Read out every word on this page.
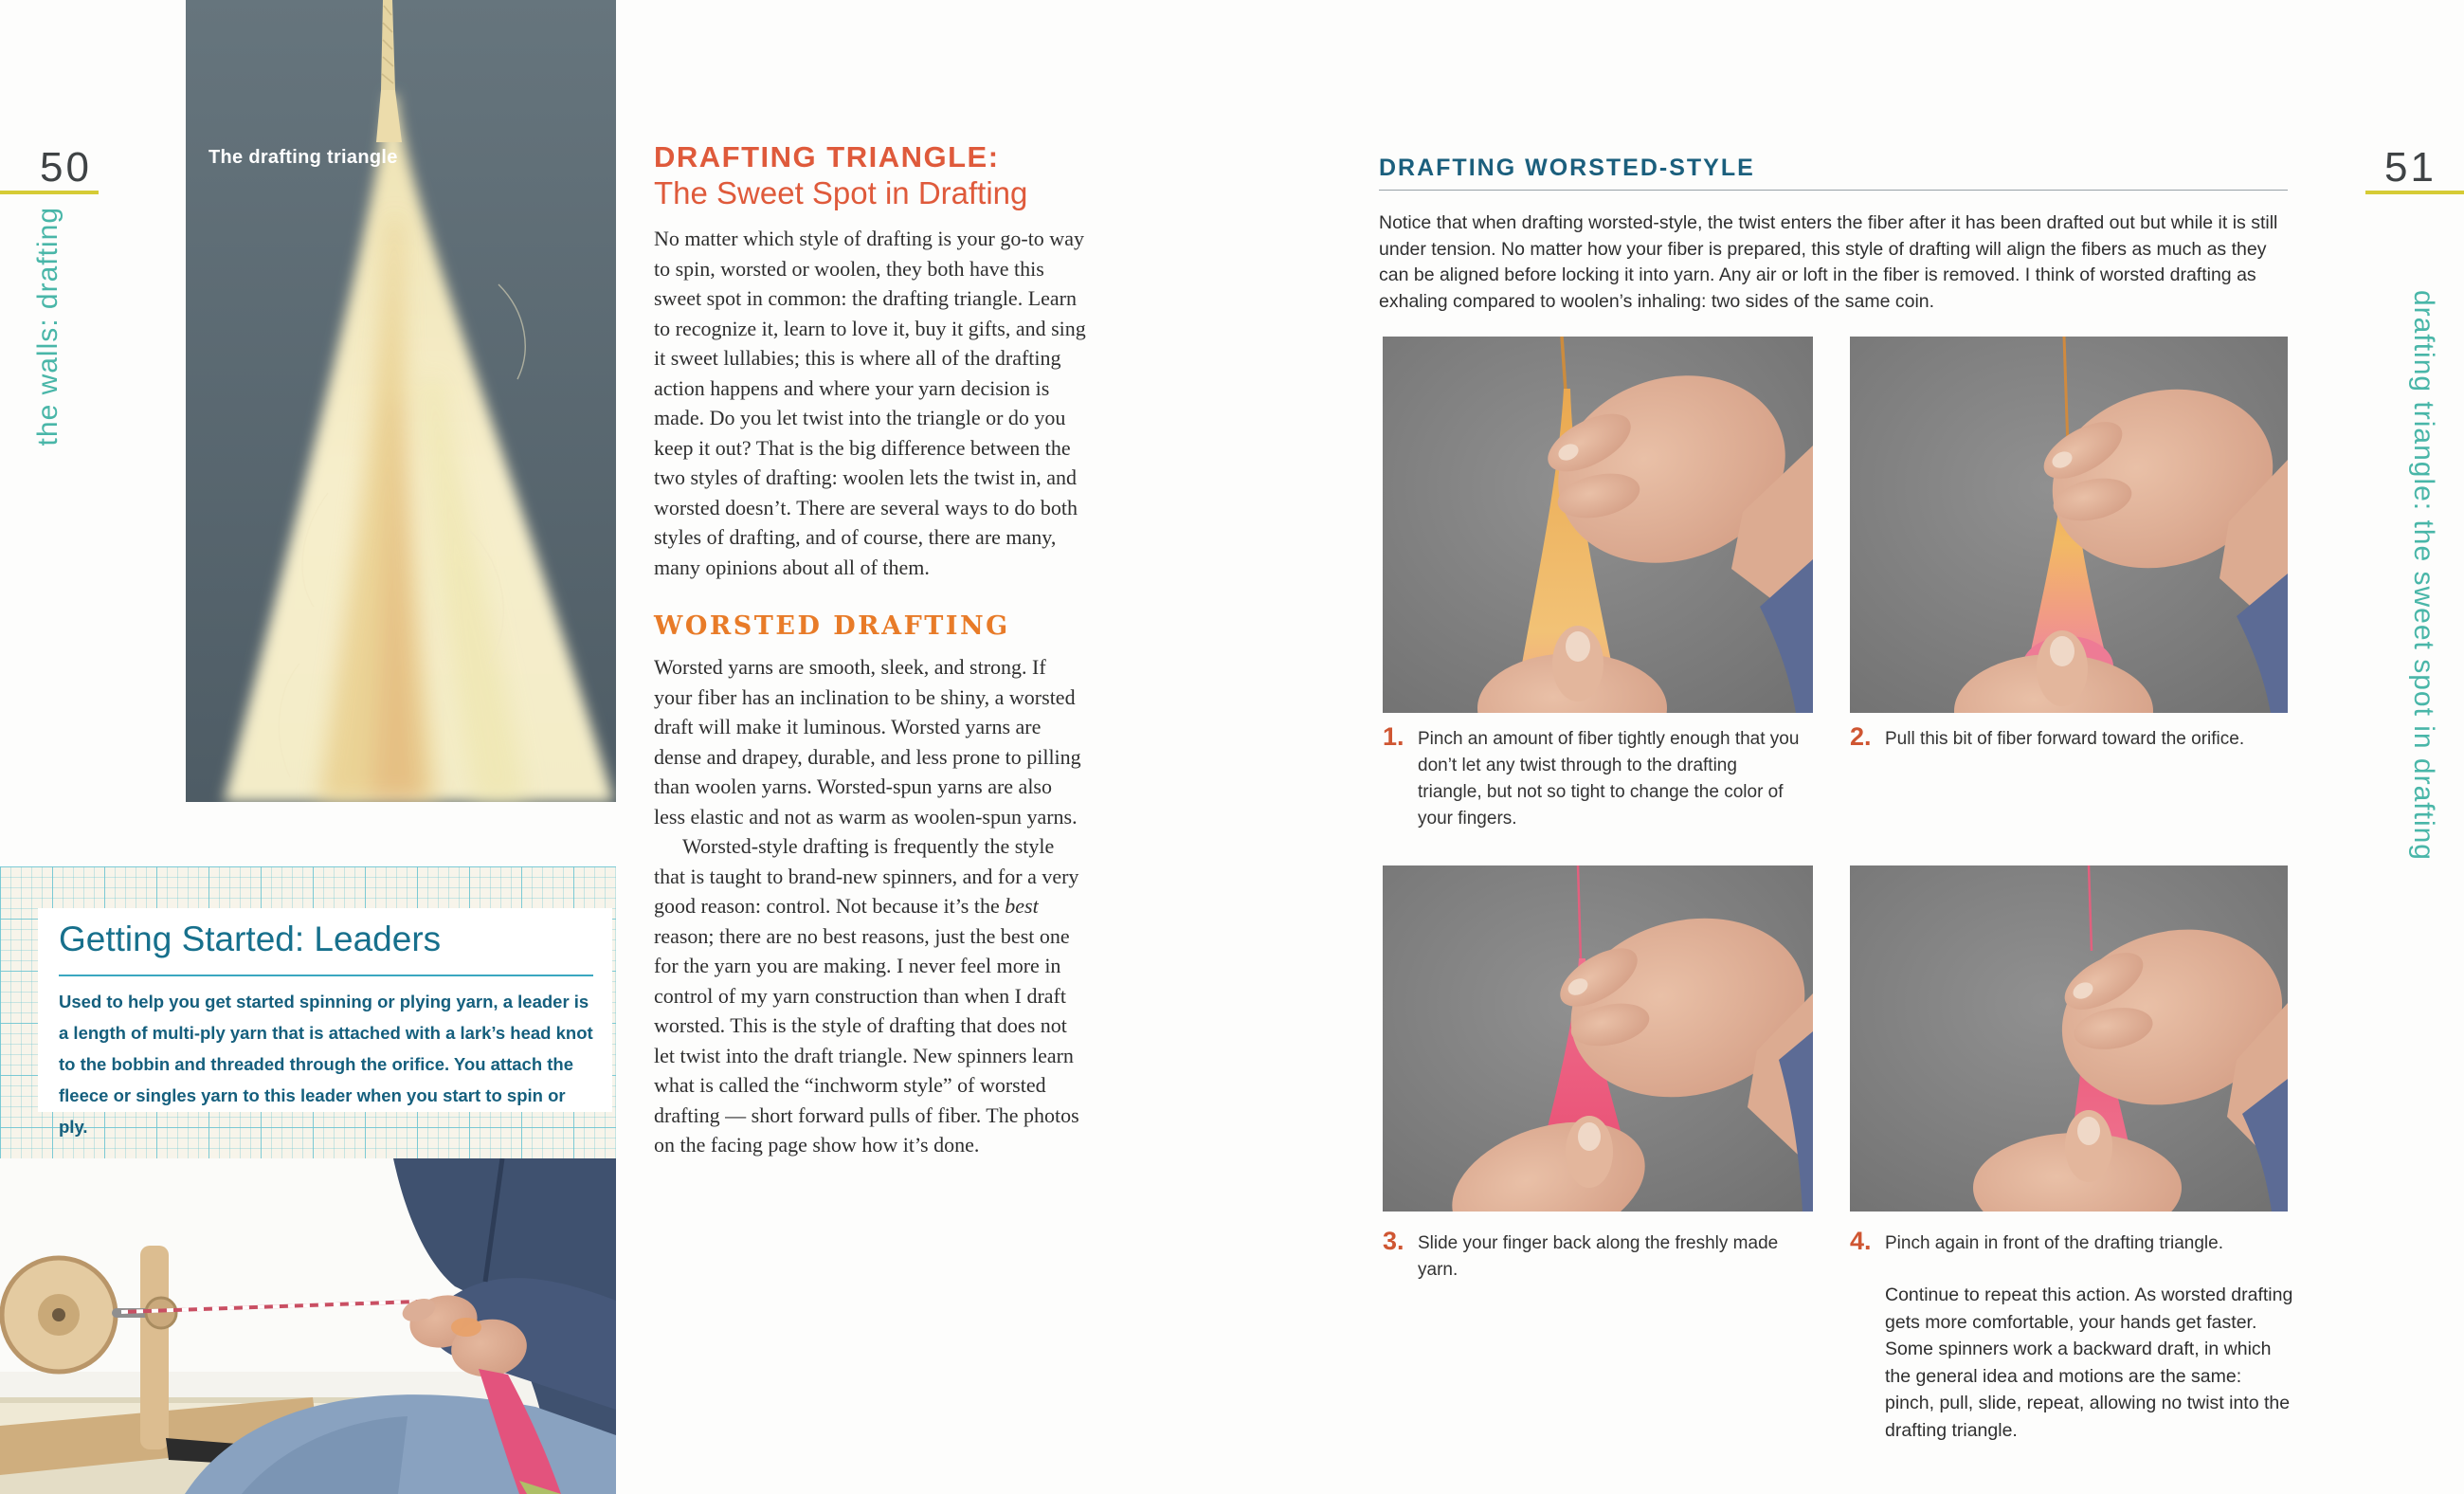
50
the walls: drafting
The drafting triangle	DRAFTING TRIANGLE:
The Sweet Spot in Drafting

No matter which style of drafting is your go-to way to spin, worsted or woolen, they both have this sweet spot in common: the drafting triangle. Learn to recognize it, learn to love it, buy it gifts, and sing it sweet lullabies; this is where all of the drafting action happens and where your yarn decision is made. Do you let twist into the triangle or do you keep it out? That is the big difference between the two styles of drafting: woolen lets the twist in, and worsted doesn’t. There are several ways to do both styles of drafting, and of course, there are many, many opinions about all of them.

WORSTED DRAFTING

Worsted yarns are smooth, sleek, and strong. If your fiber has an inclination to be shiny, a worsted draft will make it luminous. Worsted yarns are dense and drapey, durable, and less prone to pilling than woolen yarns. Worsted-spun yarns are also less elastic and not as warm as woolen-spun yarns.

Worsted-style drafting is frequently the style that is taught to brand-new spinners, and for a very good reason: control. Not because it’s the best reason; there are no best reasons, just the best one for the yarn you are making. I never feel more in control of my yarn construction than when I draft worsted. This is the style of drafting that does not let twist into the draft triangle. New spinners learn what is called the “inchworm style” of worsted drafting — short forward pulls of fiber. The photos on the facing page show how it’s done.

Getting Started: Leaders

Used to help you get started spinning or plying yarn, a leader is a length of multi-ply yarn that is attached with a lark’s head knot to the bobbin and threaded through the orifice. You attach the fleece or singles yarn to this leader when you start to spin or ply.

DRAFTING WORSTED-STYLE

Notice that when drafting worsted-style, the twist enters the fiber after it has been drafted out but while it is still under tension. No matter how your fiber is prepared, this style of drafting will align the fibers as much as they can be aligned before locking it into yarn. Any air or loft in the fiber is removed. I think of worsted drafting as exhaling compared to woolen’s inhaling: two sides of the same coin.

1. Pinch an amount of fiber tightly enough that you don’t let any twist through to the drafting triangle, but not so tight to change the color of your fingers.
2. Pull this bit of fiber forward toward the orifice.
3. Slide your finger back along the freshly made yarn.
4. Pinch again in front of the drafting triangle.

Continue to repeat this action. As worsted drafting gets more comfortable, your hands get faster. Some spinners work a backward draft, in which the general idea and motions are the same: pinch, pull, slide, repeat, allowing no twist into the drafting triangle.

51
drafting triangle: the sweet spot in drafting
